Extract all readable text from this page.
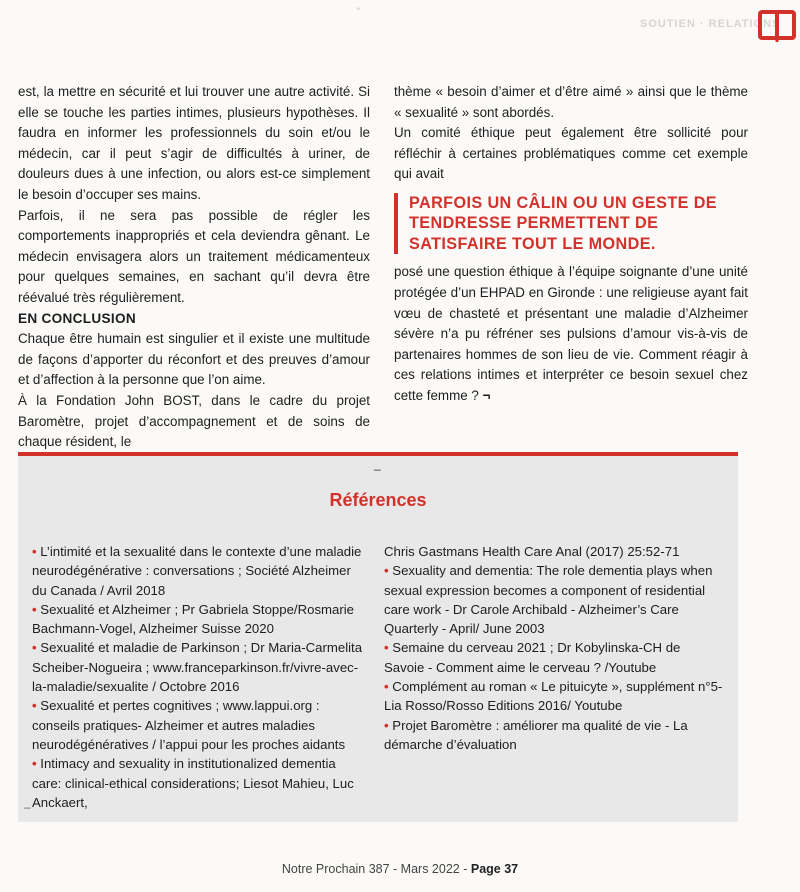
°
SOUTIEN · RELATIONS

est, la mettre en sécurité et lui trouver une autre activité. Si elle se touche les parties intimes, plusieurs hypothèses. Il faudra en informer les professionnels du soin et/ou le médecin, car il peut s’agir de difficultés à uriner, de douleurs dues à une infection, ou alors est-ce simplement le besoin d’occuper ses mains.

Parfois, il ne sera pas possible de régler les comportements inappropriés et cela deviendra gênant. Le médecin envisagera alors un traitement médicamenteux pour quelques semaines, en sachant qu’il devra être réévalué très régulièrement.

EN CONCLUSION

Chaque être humain est singulier et il existe une multitude de façons d’apporter du réconfort et des preuves d’amour et d’affection à la personne que l’on aime.

À la Fondation John BOST, dans le cadre du projet Baromètre, projet d’accompagnement et de soins de chaque résident, le

thème « besoin d’aimer et d’être aimé » ainsi que le thème « sexualité » sont abordés.

Un comité éthique peut également être sollicité pour réfléchir à certaines problématiques comme cet exemple qui avait

PARFOIS UN CÂLIN OU UN GESTE DE TENDRESSE PERMETTENT DE SATISFAIRE TOUT LE MONDE.

posé une question éthique à l’équipe soignante d’une unité protégée d’un EHPAD en Gironde : une religieuse ayant fait vœu de chasteté et présentant une maladie d’Alzheimer sévère n’a pu réfréner ses pulsions d’amour vis-à-vis de partenaires hommes de son lieu de vie. Comment réagir à ces relations intimes et interpréter ce besoin sexuel chez cette femme ? ¬

–
Références

• L’intimité et la sexualité dans le contexte d’une maladie neurodégénérative : conversations ; Société Alzheimer du Canada / Avril 2018

• Sexualité et Alzheimer ; Pr Gabriela Stoppe/Rosmarie Bachmann-Vogel, Alzheimer Suisse 2020

• Sexualité et maladie de Parkinson ; Dr Maria-Carmelita Scheiber-Nogueira ; www.franceparkinson.fr/vivre-avec-la-maladie/sexualite / Octobre 2016

• Sexualité et pertes cognitives ; www.lappui.org : conseils pratiques- Alzheimer et autres maladies neurodégénératives / l’appui pour les proches aidants

• Intimacy and sexuality in institutionalized dementia care: clinical-ethical considerations; Liesot Mahieu, Luc Anckaert,

Chris Gastmans Health Care Anal (2017) 25:52-71

• Sexuality and dementia: The role dementia plays when sexual expression becomes a component of residential care work - Dr Carole Archibald - Alzheimer’s Care Quarterly - April/ June 2003

• Semaine du cerveau 2021 ; Dr Kobylinska-CH de Savoie - Comment aime le cerveau ? /Youtube

• Complément au roman « Le pituicyte », supplément n°5- Lia Rosso/Rosso Editions 2016/ Youtube

• Projet Baromètre : améliorer ma qualité de vie - La démarche d’évaluation

–
Notre Prochain 387 - Mars 2022 - Page 37
